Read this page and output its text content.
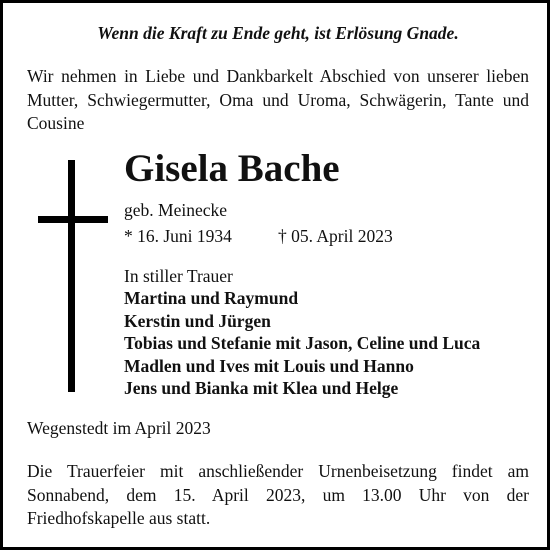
Wenn die Kraft zu Ende geht, ist Erlösung Gnade.

Wir nehmen in Liebe und Dankbarkelt Abschied von unserer lieben Mutter, Schwiegermutter, Oma und Uroma, Schwägerin, Tante und Cousine

Gisela Bache
geb. Meinecke
* 16. Juni 1934	† 05. April 2023
In stiller Trauer
Martina und Raymund
Kerstin und Jürgen
Tobias und Stefanie mit Jason, Celine und Luca
Madlen und Ives mit Louis und Hanno
Jens und Bianka mit Klea und Helge
Wegenstedt im April 2023

Die Trauerfeier mit anschließender Urnenbeisetzung findet am Sonnabend, dem 15. April 2023, um 13.00 Uhr von der Friedhofskapelle aus statt.
